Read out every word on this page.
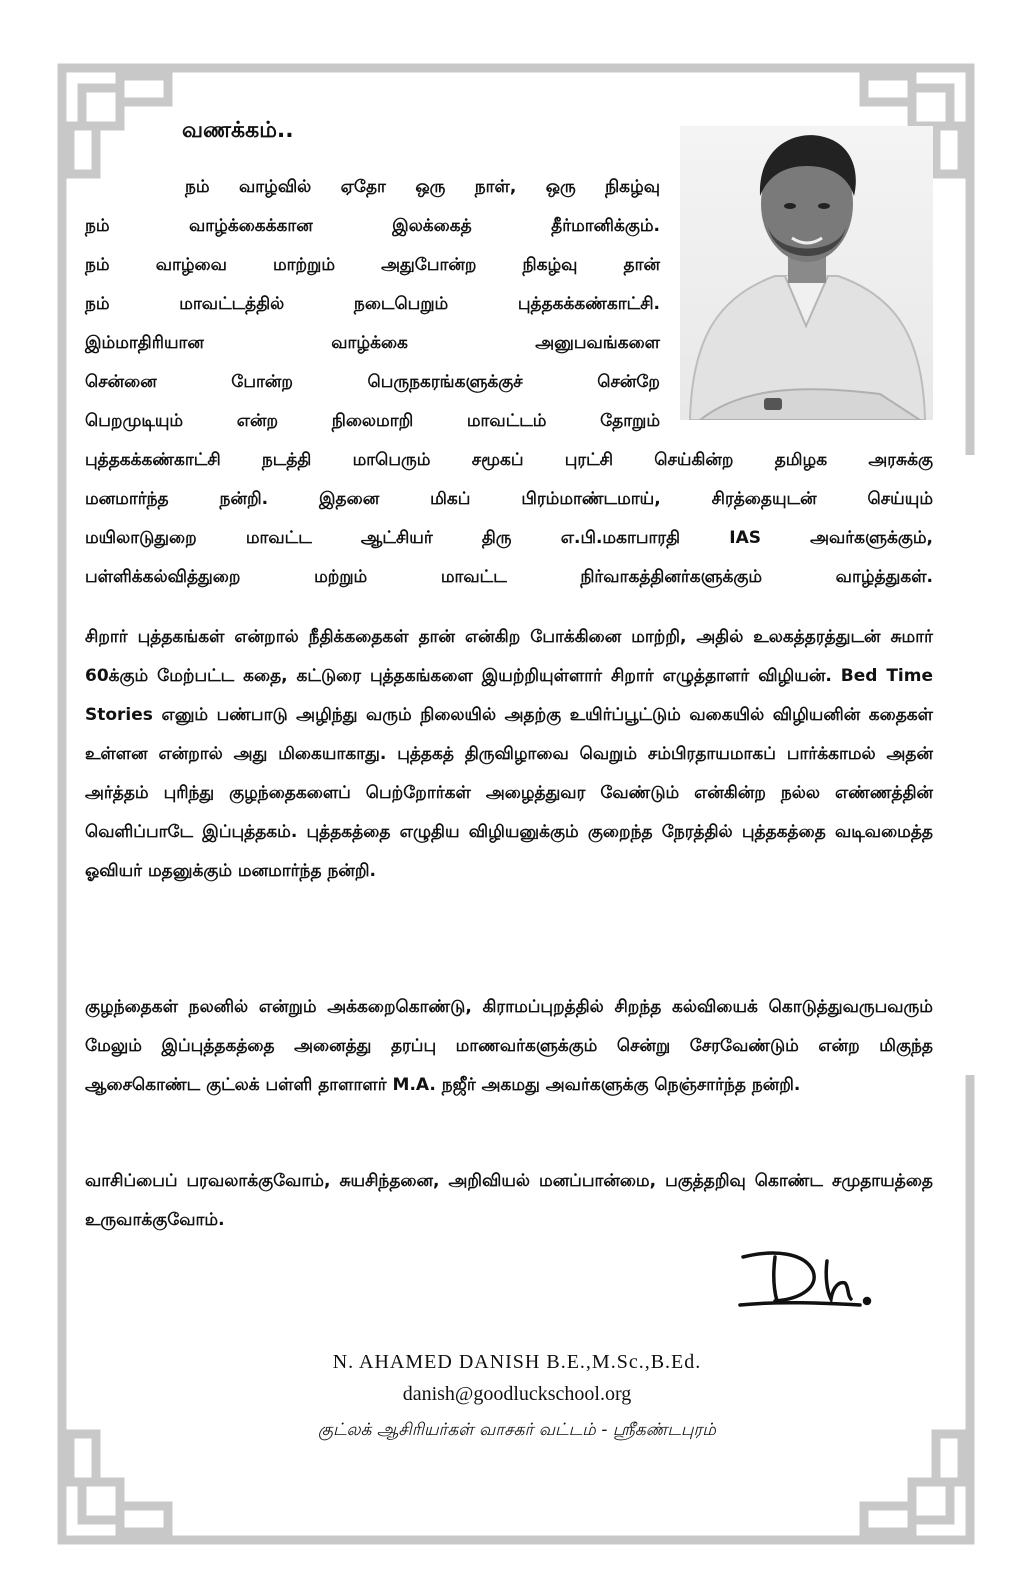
வணக்கம்..
நம் வாழ்வில் ஏதோ ஒரு நாள், ஒரு நிகழ்வு
நம் வாழ்க்கைக்கான இலக்கைத் தீர்மானிக்கும்.
நம் வாழ்வை மாற்றும் அதுபோன்ற நிகழ்வு தான்
நம் மாவட்டத்தில் நடைபெறும் புத்தகக்கண்காட்சி.
இம்மாதிரியான வாழ்க்கை அனுபவங்களை
சென்னை போன்ற பெருநகரங்களுக்குச் சென்றே
பெறமுடியும் என்ற நிலைமாறி மாவட்டம் தோறும்
புத்தகக்கண்காட்சி நடத்தி மாபெரும் சமூகப் புரட்சி செய்கின்ற தமிழக அரசுக்கு
மனமார்ந்த நன்றி. இதனை மிகப் பிரம்மாண்டமாய், சிரத்தையுடன் செய்யும்
மயிலாடுதுறை மாவட்ட ஆட்சியர் திரு எ.பி.மகாபாரதி IAS அவர்களுக்கும்,
பள்ளிக்கல்வித்துறை மற்றும் மாவட்ட நிர்வாகத்தினர்களுக்கும் வாழ்த்துகள்.

சிறார் புத்தகங்கள் என்றால் நீதிக்கதைகள் தான் என்கிற போக்கினை மாற்றி, அதில் உலகத்தரத்துடன் சுமார் 60க்கும் மேற்பட்ட கதை, கட்டுரை புத்தகங்களை இயற்றியுள்ளார் சிறார் எழுத்தாளர் விழியன். Bed Time Stories எனும் பண்பாடு அழிந்து வரும் நிலையில் அதற்கு உயிர்ப்பூட்டும் வகையில் விழியனின் கதைகள் உள்ளன என்றால் அது மிகையாகாது. புத்தகத் திருவிழாவை வெறும் சம்பிரதாயமாகப் பார்க்காமல் அதன் அர்த்தம் புரிந்து குழந்தைகளைப் பெற்றோர்கள் அழைத்துவர வேண்டும் என்கின்ற நல்ல எண்ணத்தின் வெளிப்பாடே இப்புத்தகம். புத்தகத்தை எழுதிய விழியனுக்கும் குறைந்த நேரத்தில் புத்தகத்தை வடிவமைத்த ஓவியர் மதனுக்கும் மனமார்ந்த நன்றி.

குழந்தைகள் நலனில் என்றும் அக்கறைகொண்டு, கிராமப்புறத்தில் சிறந்த கல்வியைக் கொடுத்துவருபவரும் மேலும் இப்புத்தகத்தை அனைத்து தரப்பு மாணவர்களுக்கும் சென்று சேரவேண்டும் என்ற மிகுந்த ஆசைகொண்ட குட்லக் பள்ளி தாளாளர் M.A. நஜீர் அகமது அவர்களுக்கு நெஞ்சார்ந்த நன்றி.

வாசிப்பைப் பரவலாக்குவோம், சுயசிந்தனை, அறிவியல் மனப்பான்மை, பகுத்தறிவு கொண்ட சமுதாயத்தை உருவாக்குவோம்.

N. AHAMED DANISH B.E.,M.Sc.,B.Ed.

danish@goodluckschool.org

குட்லக் ஆசிரியர்கள் வாசகர் வட்டம் - ஸ்ரீகண்டபுரம்
